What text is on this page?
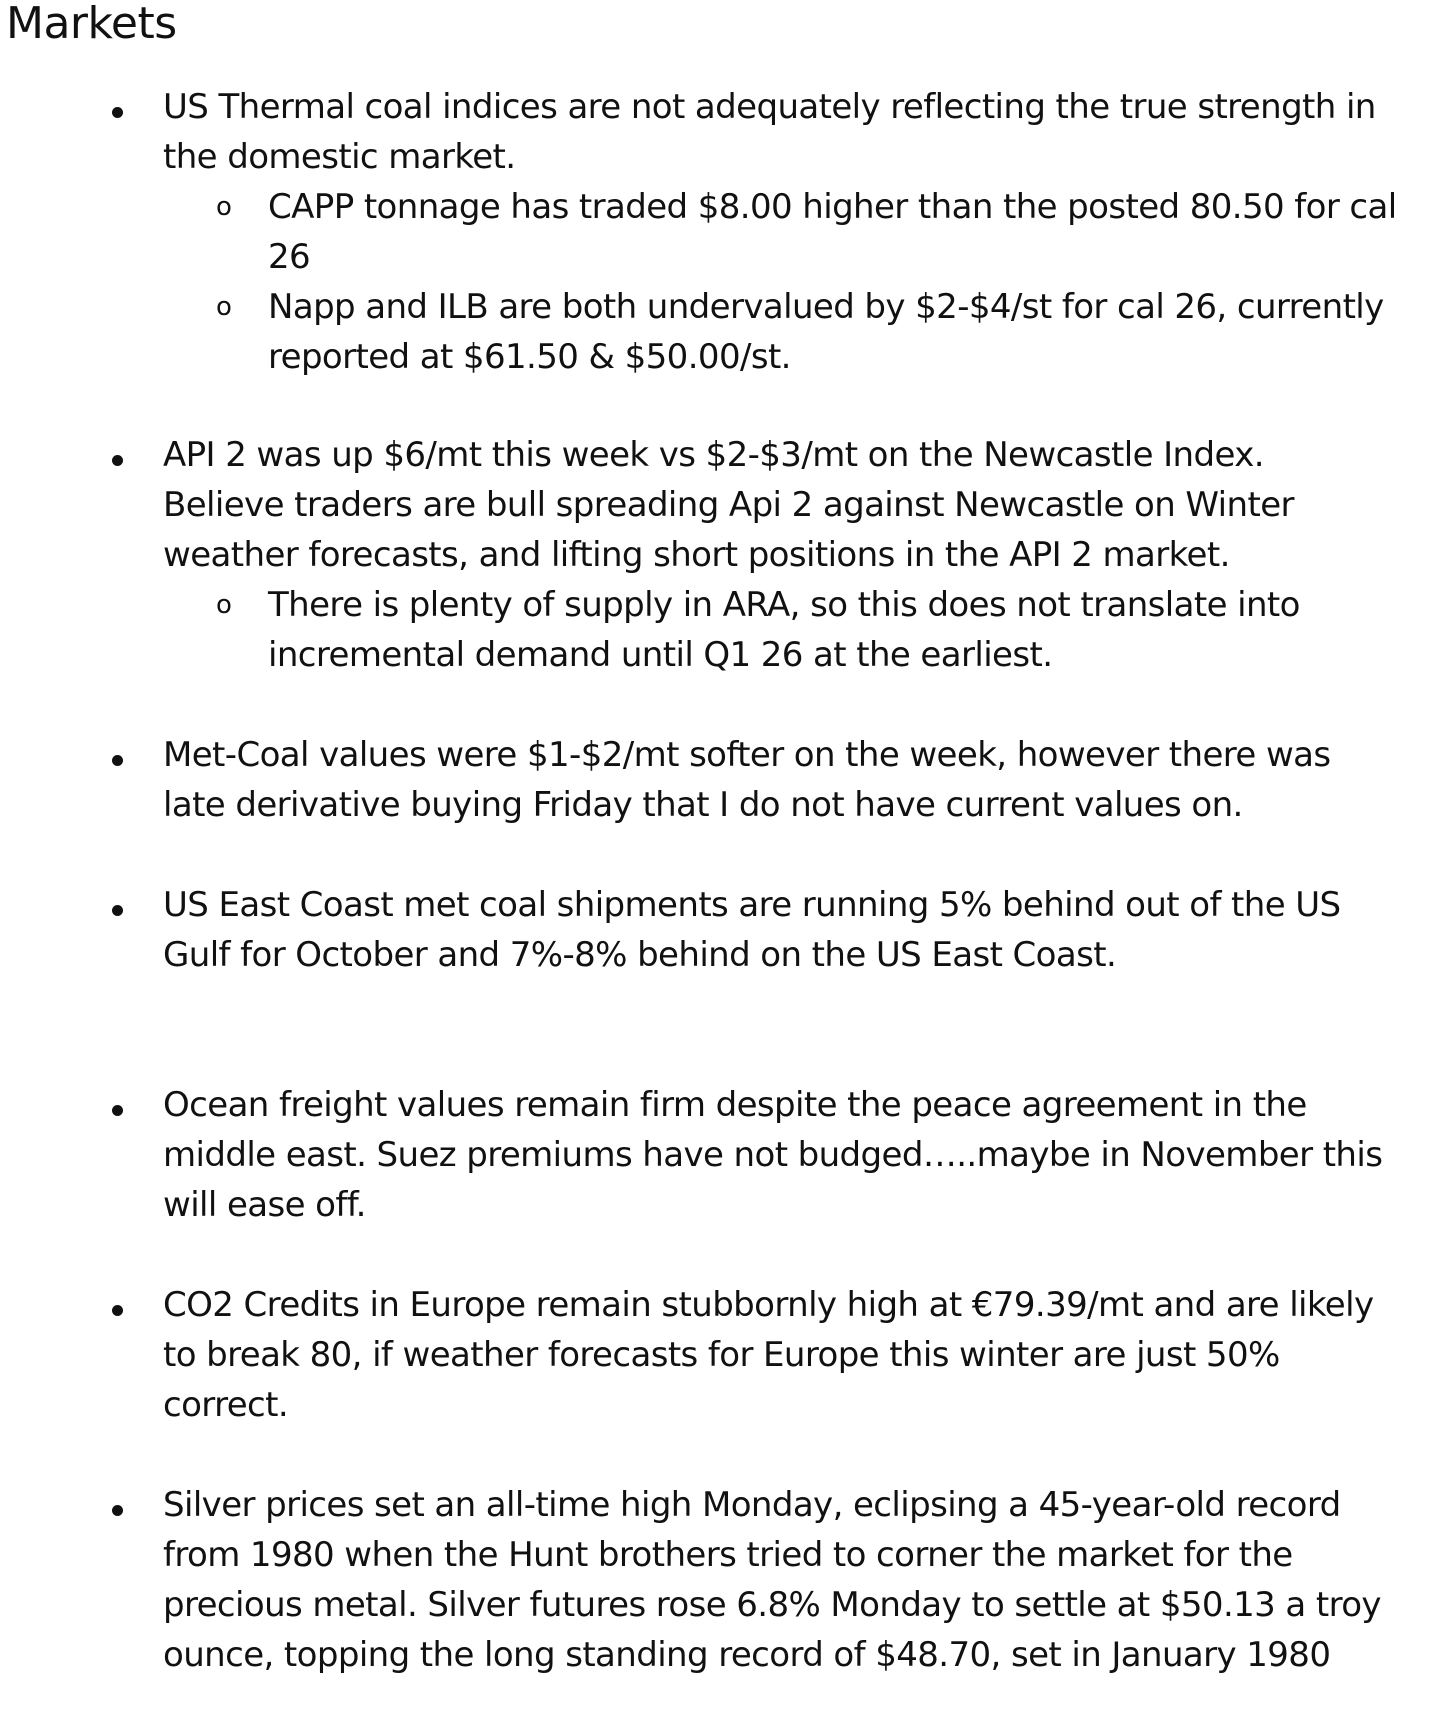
Markets
US Thermal coal indices are not adequately reflecting the true strength in the domestic market.
o CAPP tonnage has traded $8.00 higher than the posted 80.50 for cal 26
o Napp and ILB are both undervalued by $2-$4/st for cal 26, currently reported at $61.50 & $50.00/st.
API 2 was up $6/mt this week vs $2-$3/mt on the Newcastle Index. Believe traders are bull spreading Api 2 against Newcastle on Winter weather forecasts, and lifting short positions in the API 2 market.
o There is plenty of supply in ARA, so this does not translate into incremental demand until Q1 26 at the earliest.
Met-Coal values were $1-$2/mt softer on the week, however there was late derivative buying Friday that I do not have current values on.
US East Coast met coal shipments are running 5% behind out of the US Gulf for October and 7%-8% behind on the US East Coast.
Ocean freight values remain firm despite the peace agreement in the middle east. Suez premiums have not budged…..maybe in November this will ease off.
CO2 Credits in Europe remain stubbornly high at €79.39/mt and are likely to break 80, if weather forecasts for Europe this winter are just 50% correct.
Silver prices set an all-time high Monday, eclipsing a 45-year-old record from 1980 when the Hunt brothers tried to corner the market for the precious metal. Silver futures rose 6.8% Monday to settle at $50.13 a troy ounce, topping the long standing record of $48.70, set in January 1980
